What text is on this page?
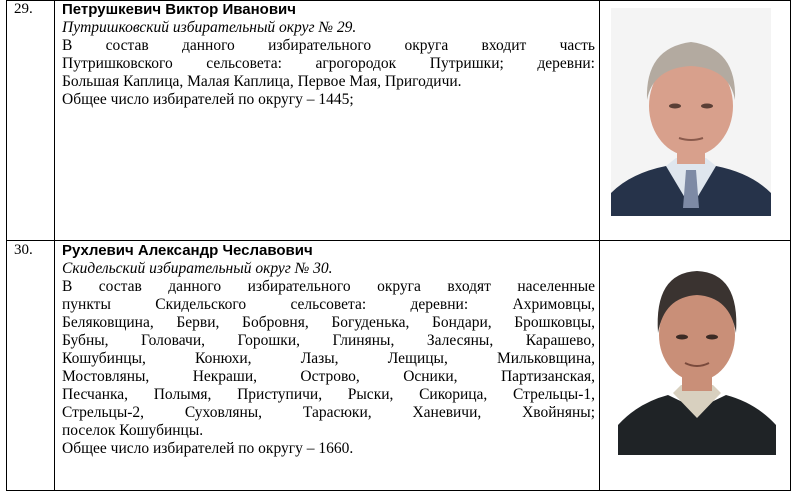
29. Петрушкевич Виктор Иванович
Путришковский избирательный округ № 29.
В состав данного избирательного округа входит часть
Путришковского сельсовета: агрогородок Путришки; деревни:
Большая Каплица, Малая Каплица, Первое Мая, Пригодичи.
Общее число избирателей по округу – 1445;
30. Рухлевич Александр Чеславович
Скидельский избирательный округ № 30.
В состав данного избирательного округа входят населенные
пункты Скидельского сельсовета: деревни: Ахримовцы,
Беляковщина, Берви, Бобровня, Богуденька, Бондари, Брошковцы,
Бубны, Головачи, Горошки, Глиняны, Залесяны, Карашево,
Кошубинцы, Конюхи, Лазы, Лещицы, Мильковщина,
Мостовляны, Некраши, Острово, Осники, Партизанская,
Песчанка, Полымя, Приступичи, Рыски, Сикорица, Стрельцы-1,
Стрельцы-2, Суховляны, Тарасюки, Ханевичи, Хвойняны;
поселок Кошубинцы.
Общее число избирателей по округу – 1660.
